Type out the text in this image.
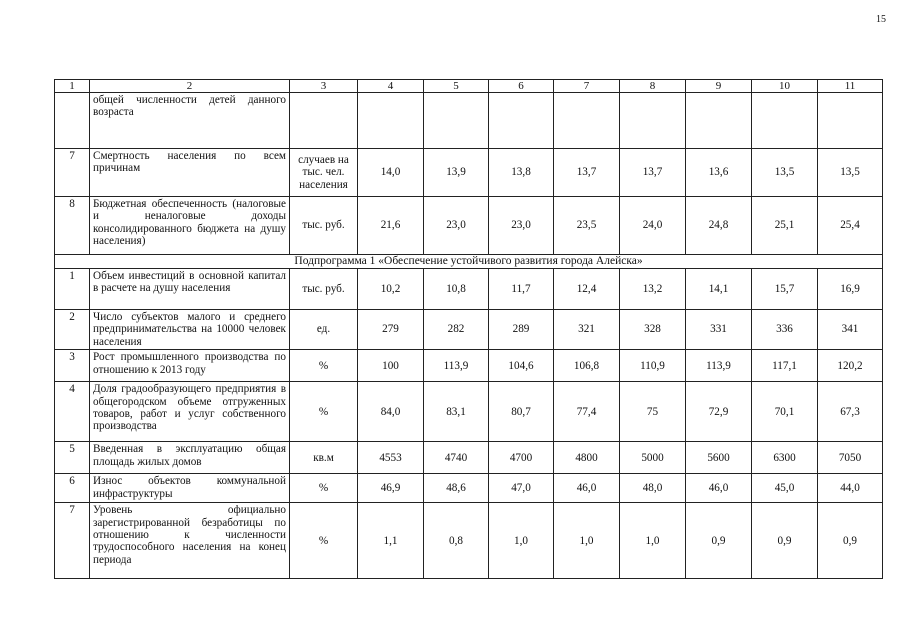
15
1	2	3	4	5	6	7	8	9	10	11
	общей численности детей данного возраста									
7	Смертность населения по всем причинам	случаев на тыс. чел. населения	14,0	13,9	13,8	13,7	13,7	13,6	13,5	13,5
8	Бюджетная обеспеченность (налоговые и неналоговые доходы консолидированного бюджета на душу населения)	тыс. руб.	21,6	23,0	23,0	23,5	24,0	24,8	25,1	25,4
Подпрограмма 1 «Обеспечение устойчивого развития города Алейска»										
1	Объем инвестиций в основной капитал в расчете на душу населения	тыс. руб.	10,2	10,8	11,7	12,4	13,2	14,1	15,7	16,9
2	Число субъектов малого и среднего предпринимательства на 10000 человек населения	ед.	279	282	289	321	328	331	336	341
3	Рост промышленного производства по отношению к 2013 году	%	100	113,9	104,6	106,8	110,9	113,9	117,1	120,2
4	Доля градообразующего предприятия в общегородском объеме отгруженных товаров, работ и услуг собственного производства	%	84,0	83,1	80,7	77,4	75	72,9	70,1	67,3
5	Введенная в эксплуатацию общая площадь жилых домов	кв.м	4553	4740	4700	4800	5000	5600	6300	7050
6	Износ объектов коммунальной инфраструктуры	%	46,9	48,6	47,0	46,0	48,0	46,0	45,0	44,0
7	Уровень официально зарегистрированной безработицы по отношению к численности трудоспособного населения на конец периода	%	1,1	0,8	1,0	1,0	1,0	0,9	0,9	0,9
